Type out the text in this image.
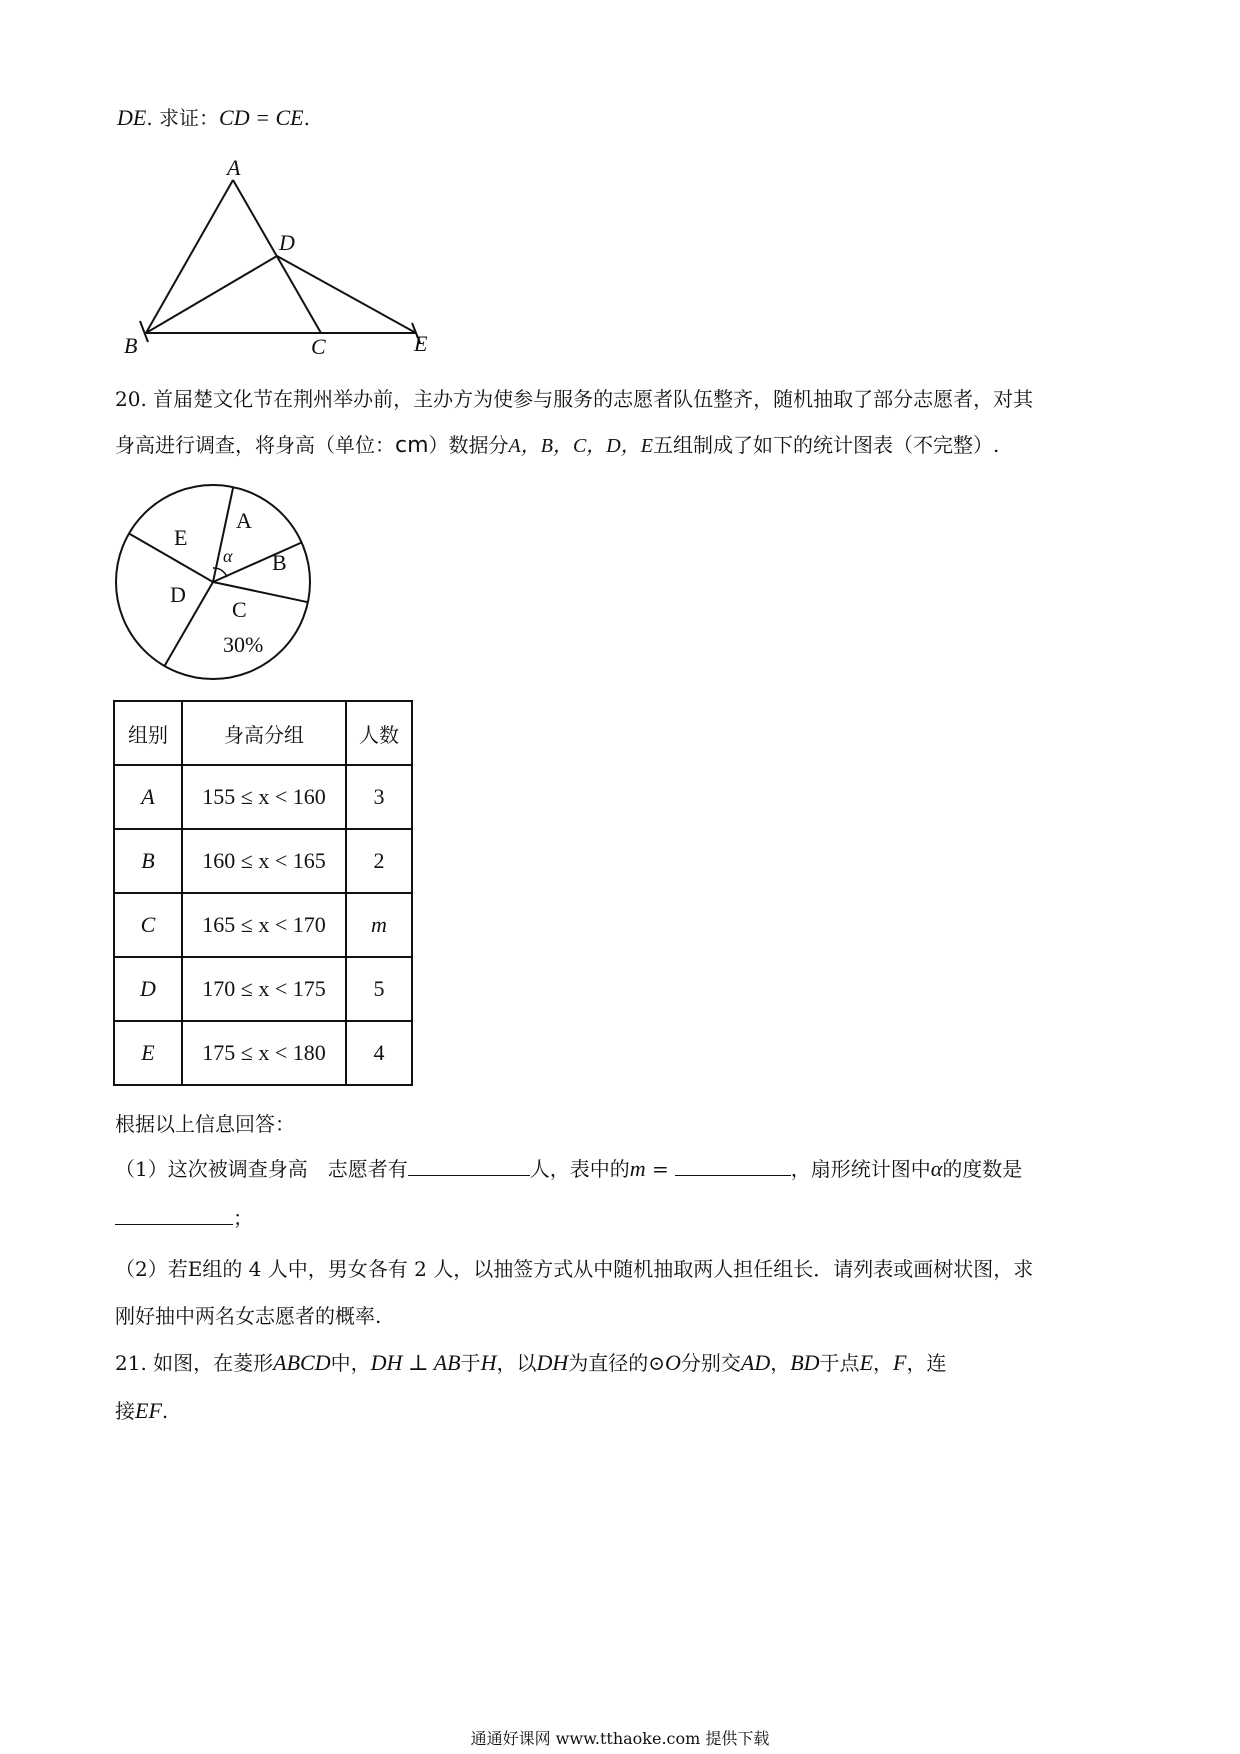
DE. 求证：CD = CE.
A
B	C
D
E
20. 首届楚文化节在荆州举办前，主办方为使参与服务的志愿者队伍整齐，随机抽取了部分志愿者，对其
身高进行调查，将身高（单位：cm）数据分A，B，C，D，E五组制成了如下的统计图表（不完整）.
A
B
C
30%
D
E
α
组别	身高分组	人数
A	155 ≤ x < 160	3
B	160 ≤ x < 165	2
C	165 ≤ x < 170	m
D	170 ≤ x < 175	5
E	175 ≤ x < 180	4
根据以上信息回答：
（1）这次被调查身高　志愿者有	人，表中的m =	，扇形统计图中α的度数是
；
（2）若E组的 4 人中，男女各有 2 人，以抽签方式从中随机抽取两人担任组长．请列表或画树状图，求
刚好抽中两名女志愿者的概率.
21. 如图，在菱形ABCD中，DH ⊥ AB于H，以DH为直径的⊙O分别交AD，BD于点E，F，连
接EF.
通通好课网 www.tthaoke.com 提供下载
